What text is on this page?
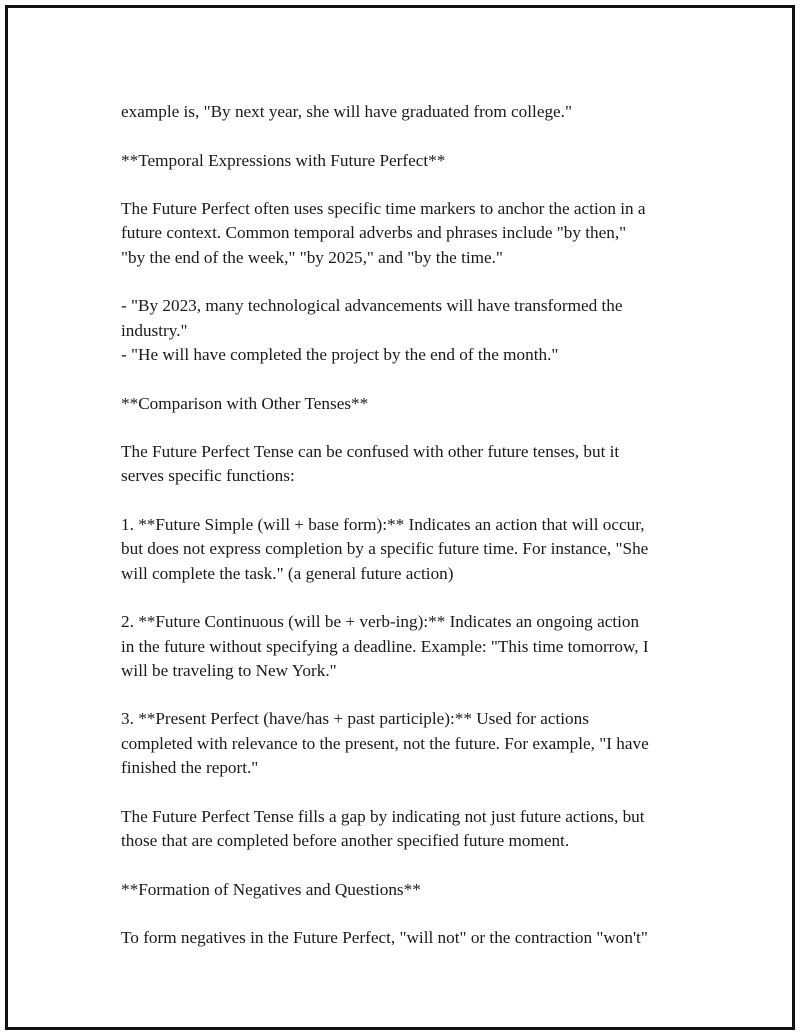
example is, "By next year, she will have graduated from college."

**Temporal Expressions with Future Perfect**

The Future Perfect often uses specific time markers to anchor the action in a
future context. Common temporal adverbs and phrases include "by then,"
"by the end of the week," "by 2025," and "by the time."

- "By 2023, many technological advancements will have transformed the
industry."
- "He will have completed the project by the end of the month."

**Comparison with Other Tenses**

The Future Perfect Tense can be confused with other future tenses, but it
serves specific functions:

1. **Future Simple (will + base form):** Indicates an action that will occur,
but does not express completion by a specific future time. For instance, "She
will complete the task." (a general future action)

2. **Future Continuous (will be + verb-ing):** Indicates an ongoing action
in the future without specifying a deadline. Example: "This time tomorrow, I
will be traveling to New York."

3. **Present Perfect (have/has + past participle):** Used for actions
completed with relevance to the present, not the future. For example, "I have
finished the report."

The Future Perfect Tense fills a gap by indicating not just future actions, but
those that are completed before another specified future moment.

**Formation of Negatives and Questions**

To form negatives in the Future Perfect, "will not" or the contraction "won't"
